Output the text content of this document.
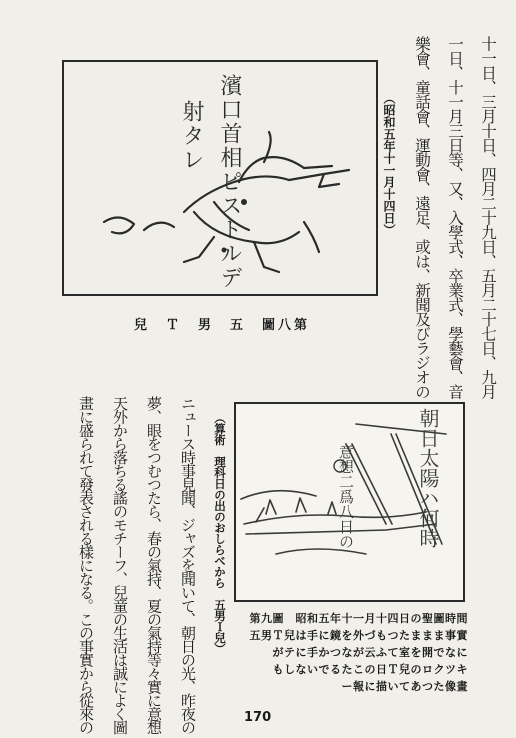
十一日、三月十日、四月二十九日、五月二十七日、九月
一日、十一月三日等、又、入學式、卒業式、學藝會、音
樂會、童話會、運動會、遠足、或は、新聞及びラジオの
（昭和五年十一月十四日）
濱口首相ピストルデ
射タレ
第八圖　五　男　Ｔ　兒
ニュース時事見聞、ジャズを聞いて、朝日の光、昨夜の
夢、眼をつむつたら、春の氣持、夏の氣持等々實に意想
天外から落ちる謠のモチーフ、兒童の生活は誠によく圖
畫に盛られて發表される樣になる。この事實から從來の	（算術　理科日の出のおしらべから　五男Ｉ兒）	朝日太陽ハ何時
意想二爲八日の
第九圖　昭和五年十一月十四日の聖圖時間
五男Ｔ兒は手に鏡を外づもつたままま事實
がテに手かつなが云ふて室を開でなに
もしないでるたこの日Ｔ兒のロクツキ
ー報に描いてあつた像畫
170
